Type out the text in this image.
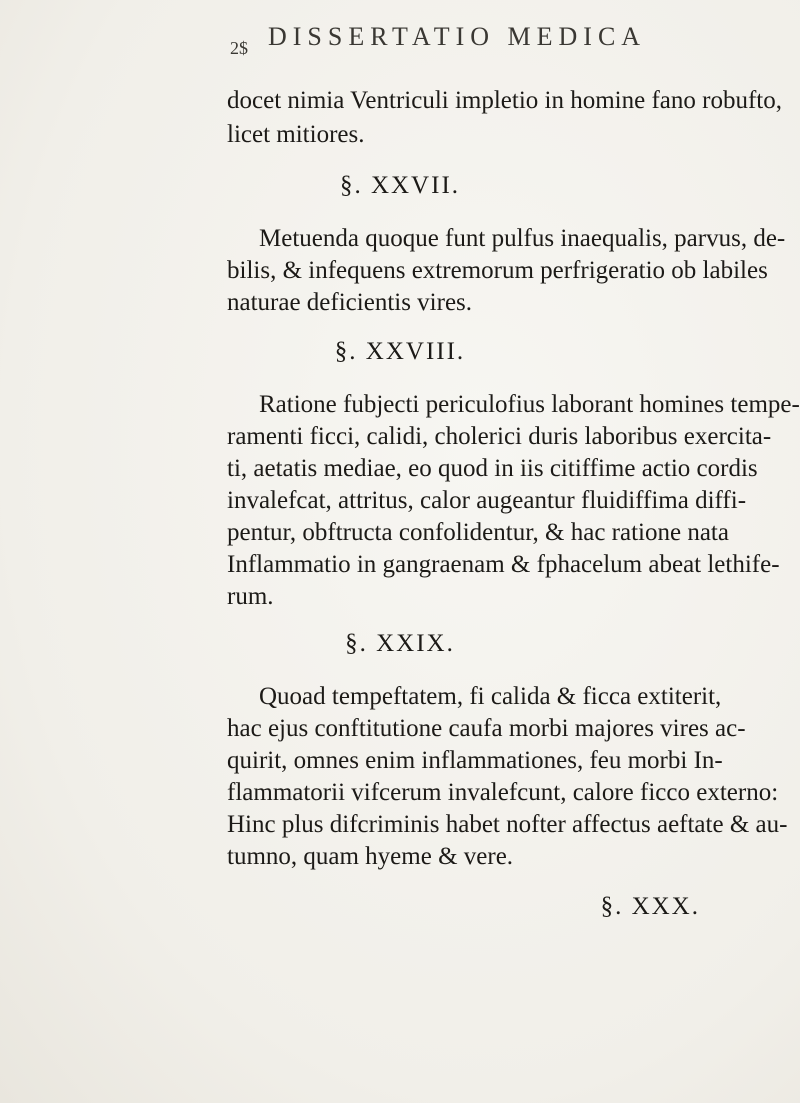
2$ DISSERTATIO MEDICA
docet nimia Ventriculi impletio in homine fano robufto,
licet mitiores.
§. XXVII.
Metuenda quoque funt pulfus inaequalis, parvus, de-
bilis, & infequens extremorum perfrigeratio ob labiles
naturae deficientis vires.
§. XXVIII.
Ratione fubjecti periculofius laborant homines tempe-
ramenti ficci, calidi, cholerici duris laboribus exercita-
ti, aetatis mediae, eo quod in iis citiffime actio cordis
invalefcat, attritus, calor augeantur fluidiffima diffi-
pentur, obftructa confolidentur, & hac ratione nata
Inflammatio in gangraenam & fphacelum abeat lethife-
rum.
§. XXIX.
Quoad tempeftatem, fi calida & ficca extiterit,
hac ejus conftitutione caufa morbi majores vires ac-
quirit, omnes enim inflammationes, feu morbi In-
flammatorii vifcerum invalefcunt, calore ficco externo:
Hinc plus difcriminis habet nofter affectus aeftate & au-
tumno, quam hyeme & vere.
§. XXX.
